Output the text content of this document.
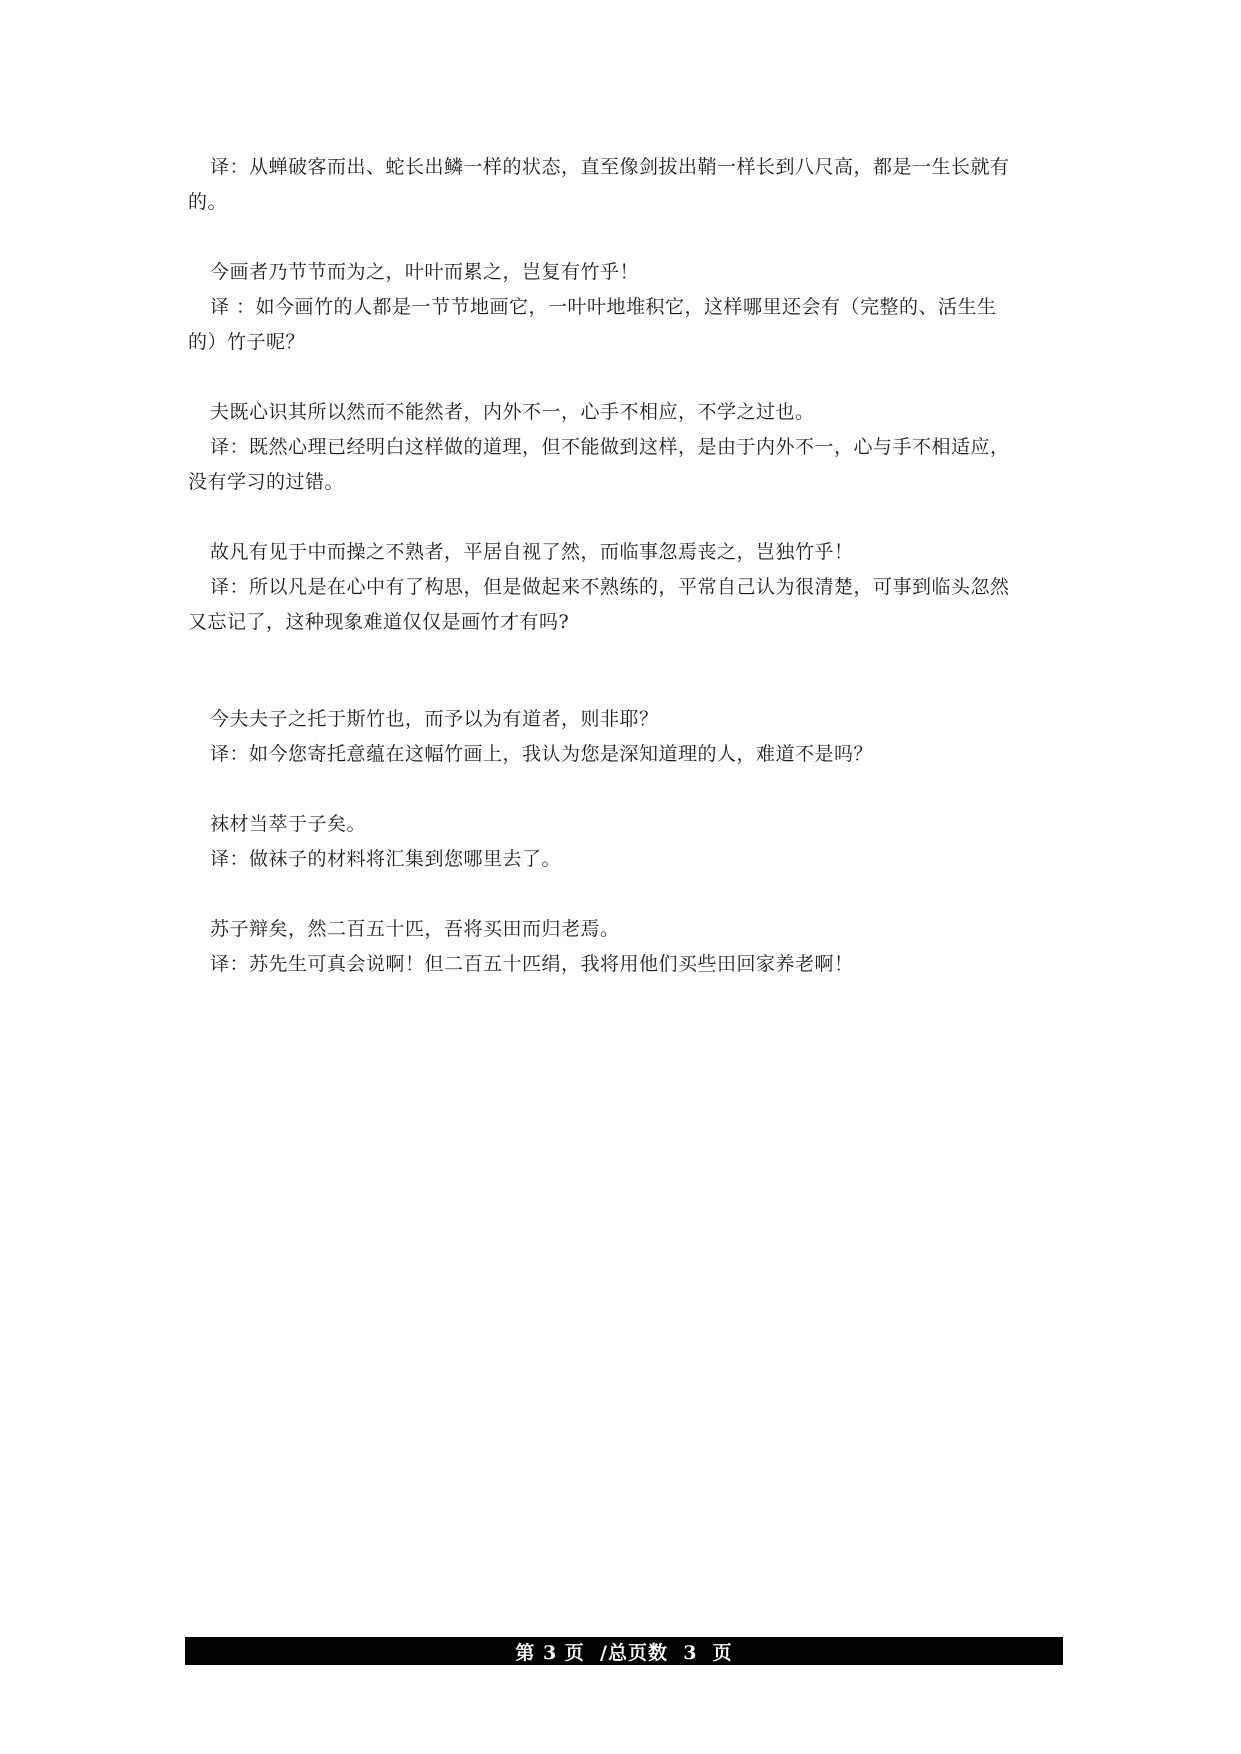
译：从蝉破客而出、蛇长出鳞一样的状态，直至像剑拔出鞘一样长到八尺高，都是一生长就有
的。
今画者乃节节而为之，叶叶而累之，岂复有竹乎！
译 ：如今画竹的人都是一节节地画它，一叶叶地堆积它，这样哪里还会有（完整的、活生生
的）竹子呢？
夫既心识其所以然而不能然者，内外不一，心手不相应，不学之过也。
译：既然心理已经明白这样做的道理，但不能做到这样，是由于内外不一，心与手不相适应，
没有学习的过错。
故凡有见于中而操之不熟者，平居自视了然，而临事忽焉丧之，岂独竹乎！
译：所以凡是在心中有了构思，但是做起来不熟练的，平常自己认为很清楚，可事到临头忽然
又忘记了，这种现象难道仅仅是画竹才有吗?
今夫夫子之托于斯竹也，而予以为有道者，则非耶？
译：如今您寄托意蕴在这幅竹画上，我认为您是深知道理的人，难道不是吗？
袜材当萃于子矣。
译：做袜子的材料将汇集到您哪里去了。
苏子辩矣，然二百五十匹，吾将买田而归老焉。
译：苏先生可真会说啊！但二百五十匹绢，我将用他们买些田回家养老啊！
第 3 页  /总页数  3  页
